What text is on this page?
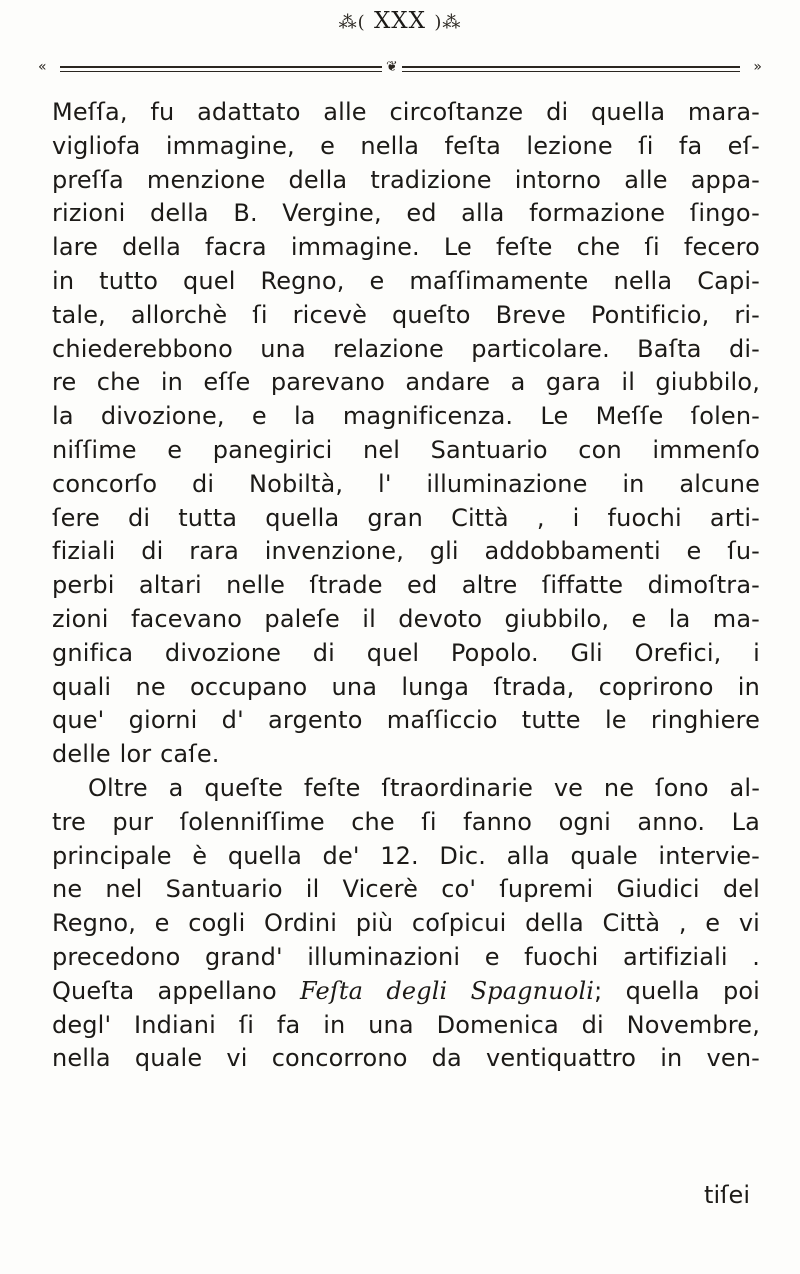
⁂( XXX )⁂
«	❦	»
Meſſa, fu adattato alle circoſtanze di quella mara-
vigliofa immagine, e nella feſta lezione ſi fa eſ-
preſſa menzione della tradizione intorno alle appa-
rizioni della B. Vergine, ed alla formazione ſingo-
lare della facra immagine. Le feſte che ſi fecero
in tutto quel Regno, e maſſimamente nella Capi-
tale, allorchè ſi ricevè queſto Breve Pontificio, ri-
chiederebbono una relazione particolare. Baſta di-
re che in eſſe parevano andare a gara il giubbilo,
la divozione, e la magnificenza. Le Meſſe ſolen-
niſſime e panegirici nel Santuario con immenſo
concorſo di Nobiltà, l' illuminazione in alcune
ſere di tutta quella gran Città , i fuochi arti-
fiziali di rara invenzione, gli addobbamenti e ſu-
perbi altari nelle ſtrade ed altre ſiffatte dimoſtra-
zioni facevano paleſe il devoto giubbilo, e la ma-
gnifica divozione di quel Popolo. Gli Orefici, i
quali ne occupano una lunga ſtrada, coprirono in
que' giorni d' argento maſſiccio tutte le ringhiere
delle lor caſe.
Oltre a queſte feſte ſtraordinarie ve ne ſono al-
tre pur ſolenniſſime che ſi fanno ogni anno. La
principale è quella de' 12. Dic. alla quale intervie-
ne nel Santuario il Vicerè co' ſupremi Giudici del
Regno, e cogli Ordini più coſpicui della Città , e vi
precedono grand' illuminazioni e fuochi artifiziali .
Queſta appellano Feſta degli Spagnuoli; quella poi
degl' Indiani ſi fa in una Domenica di Novembre,
nella quale vi concorrono da ventiquattro in ven-
tiſei
